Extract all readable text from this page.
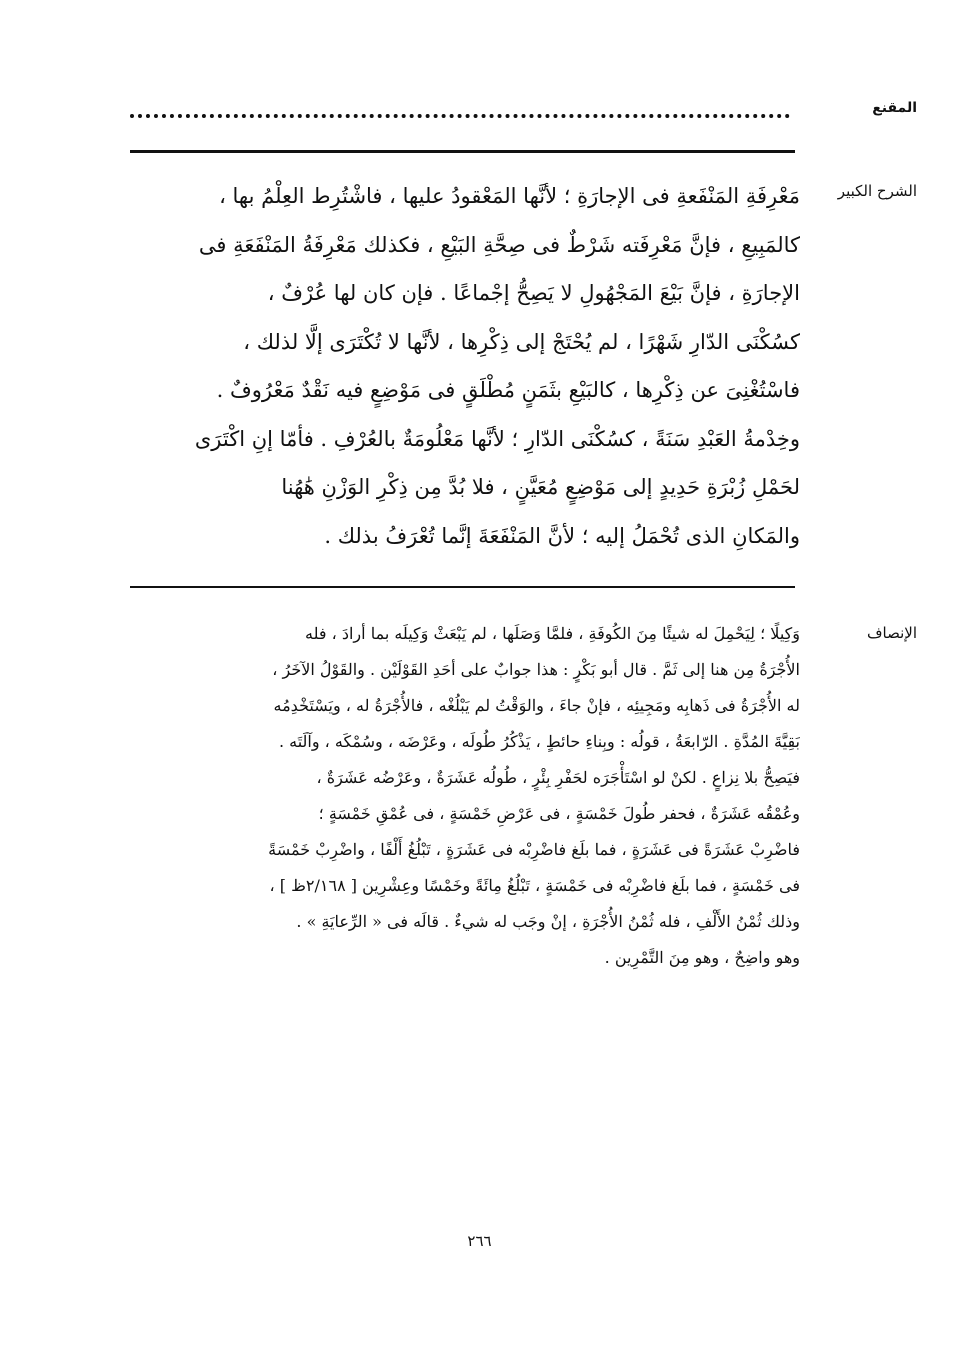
المقنع
الشرح الكبير
مَعْرِفَةِ المَنْفَعةِ فى الإجارَةِ ؛ لأنَّها المَعْقودُ عليها ، فاشْتُرِط العِلْمُ بها ،
كالمَبِيعِ ، فإنَّ مَعْرِفَته شَرْطٌ فى صِحَّةِ البَيْعِ ، فكذلك مَعْرِفَةُ المَنْفَعَةِ فى
الإجارَةِ ، فإنَّ بَيْعَ المَجْهُولِ لا يَصِحُّ إجْماعًا . فإن كان لها عُرْفٌ ،
كسُكْنَى الدّارِ شَهْرًا ، لم يُحْتَجْ إلى ذِكْرِها ، لأنَّها لا تُكْتَرَى إلَّا لذلك ،
فاسْتُغْنِىَ عن ذِكْرِها ، كالبَيْعِ بثَمَنٍ مُطْلَقٍ فى مَوْضِعٍ فيه نَقْدٌ مَعْرُوفٌ .
وخِدْمةُ العَبْدِ سَنَةً ، كسُكْنَى الدّارِ ؛ لأنَّها مَعْلُومَةٌ بالعُرْفِ . فأمّا إنِ اكْتَرَى
لحَمْلِ زُبْرَةِ حَدِيدٍ إلى مَوْضِعٍ مُعَيَّنٍ ، فلا بُدَّ مِن ذِكْرِ الوَزْنِ هَٰهُنا
والمَكانِ الذى تُحْمَلُ إليه ؛ لأنَّ المَنْفَعَةَ إنَّما تُعْرَفُ بذلك .
الإنصاف
وَكِيلًا ؛ لِيَحْمِلَ له شيئًا مِنَ الكُوفَةِ ، فلمَّا وَصَلَها ، لم يَبْعَثْ وَكِيلَه بما أرادَ ، فله
الأُجْرَةُ مِن هنا إلى ثَمَّ . قال أبو بَكْرٍ : هذا جوابٌ على أحَدِ القَوْلَيْن . والقَوْلُ الآخَرُ ،
له الأُجْرَةُ فى ذَهابِه ومَجِيئِه ، فإنْ جاءَ ، والوَقْتُ لم يَبْلُغْه ، فالأُجْرَةُ له ، ويَسْتَخْدِمُه
بَقِيَّةَ المُدَّةِ . الرّابعَةُ ، قولُه : وبِناءِ حائطٍ ، يَذْكُرُ طُولَه ، وعَرْضَه ، وسُمْكَه ، وآلَتَه .
فيَصِحُّ بلا نِزاعٍ . لكنْ لو اسْتَأْجَرَه لحَفْرِ بِئْرٍ ، طُولُه عَشَرَةٌ ، وعَرْضُه عَشَرَةٌ ،
وعُمْقُه عَشَرَةٌ ، فحفر طُولَ خَمْسَةٍ ، فى عَرْضِ خَمْسَةٍ ، فى عُمْقِ خَمْسَةٍ ؛
فاضْرِبْ عَشَرَةً فى عَشَرَةٍ ، فما بلَغ فاضْرِبْه فى عَشَرَةٍ ، تَبْلُغُ أَلْفًا ، واضْرِبْ خَمْسَةً
فى خَمْسَةٍ ، فما بلَغ فاضْرِبْه فى خَمْسَةٍ ، تَبْلُغُ مِائَةً وخَمْسًا وعِشْرِين [ ٢/١٦٨ظ ] ،
وذلك ثُمْنُ الأَلْفِ ، فله ثُمْنُ الأُجْرَةِ ، إنْ وجَب له شيءٌ . قالَه فى « الرِّعايَةِ » .
وهو واضِحٌ ، وهو مِنَ التَّمْرِين .
٢٦٦
